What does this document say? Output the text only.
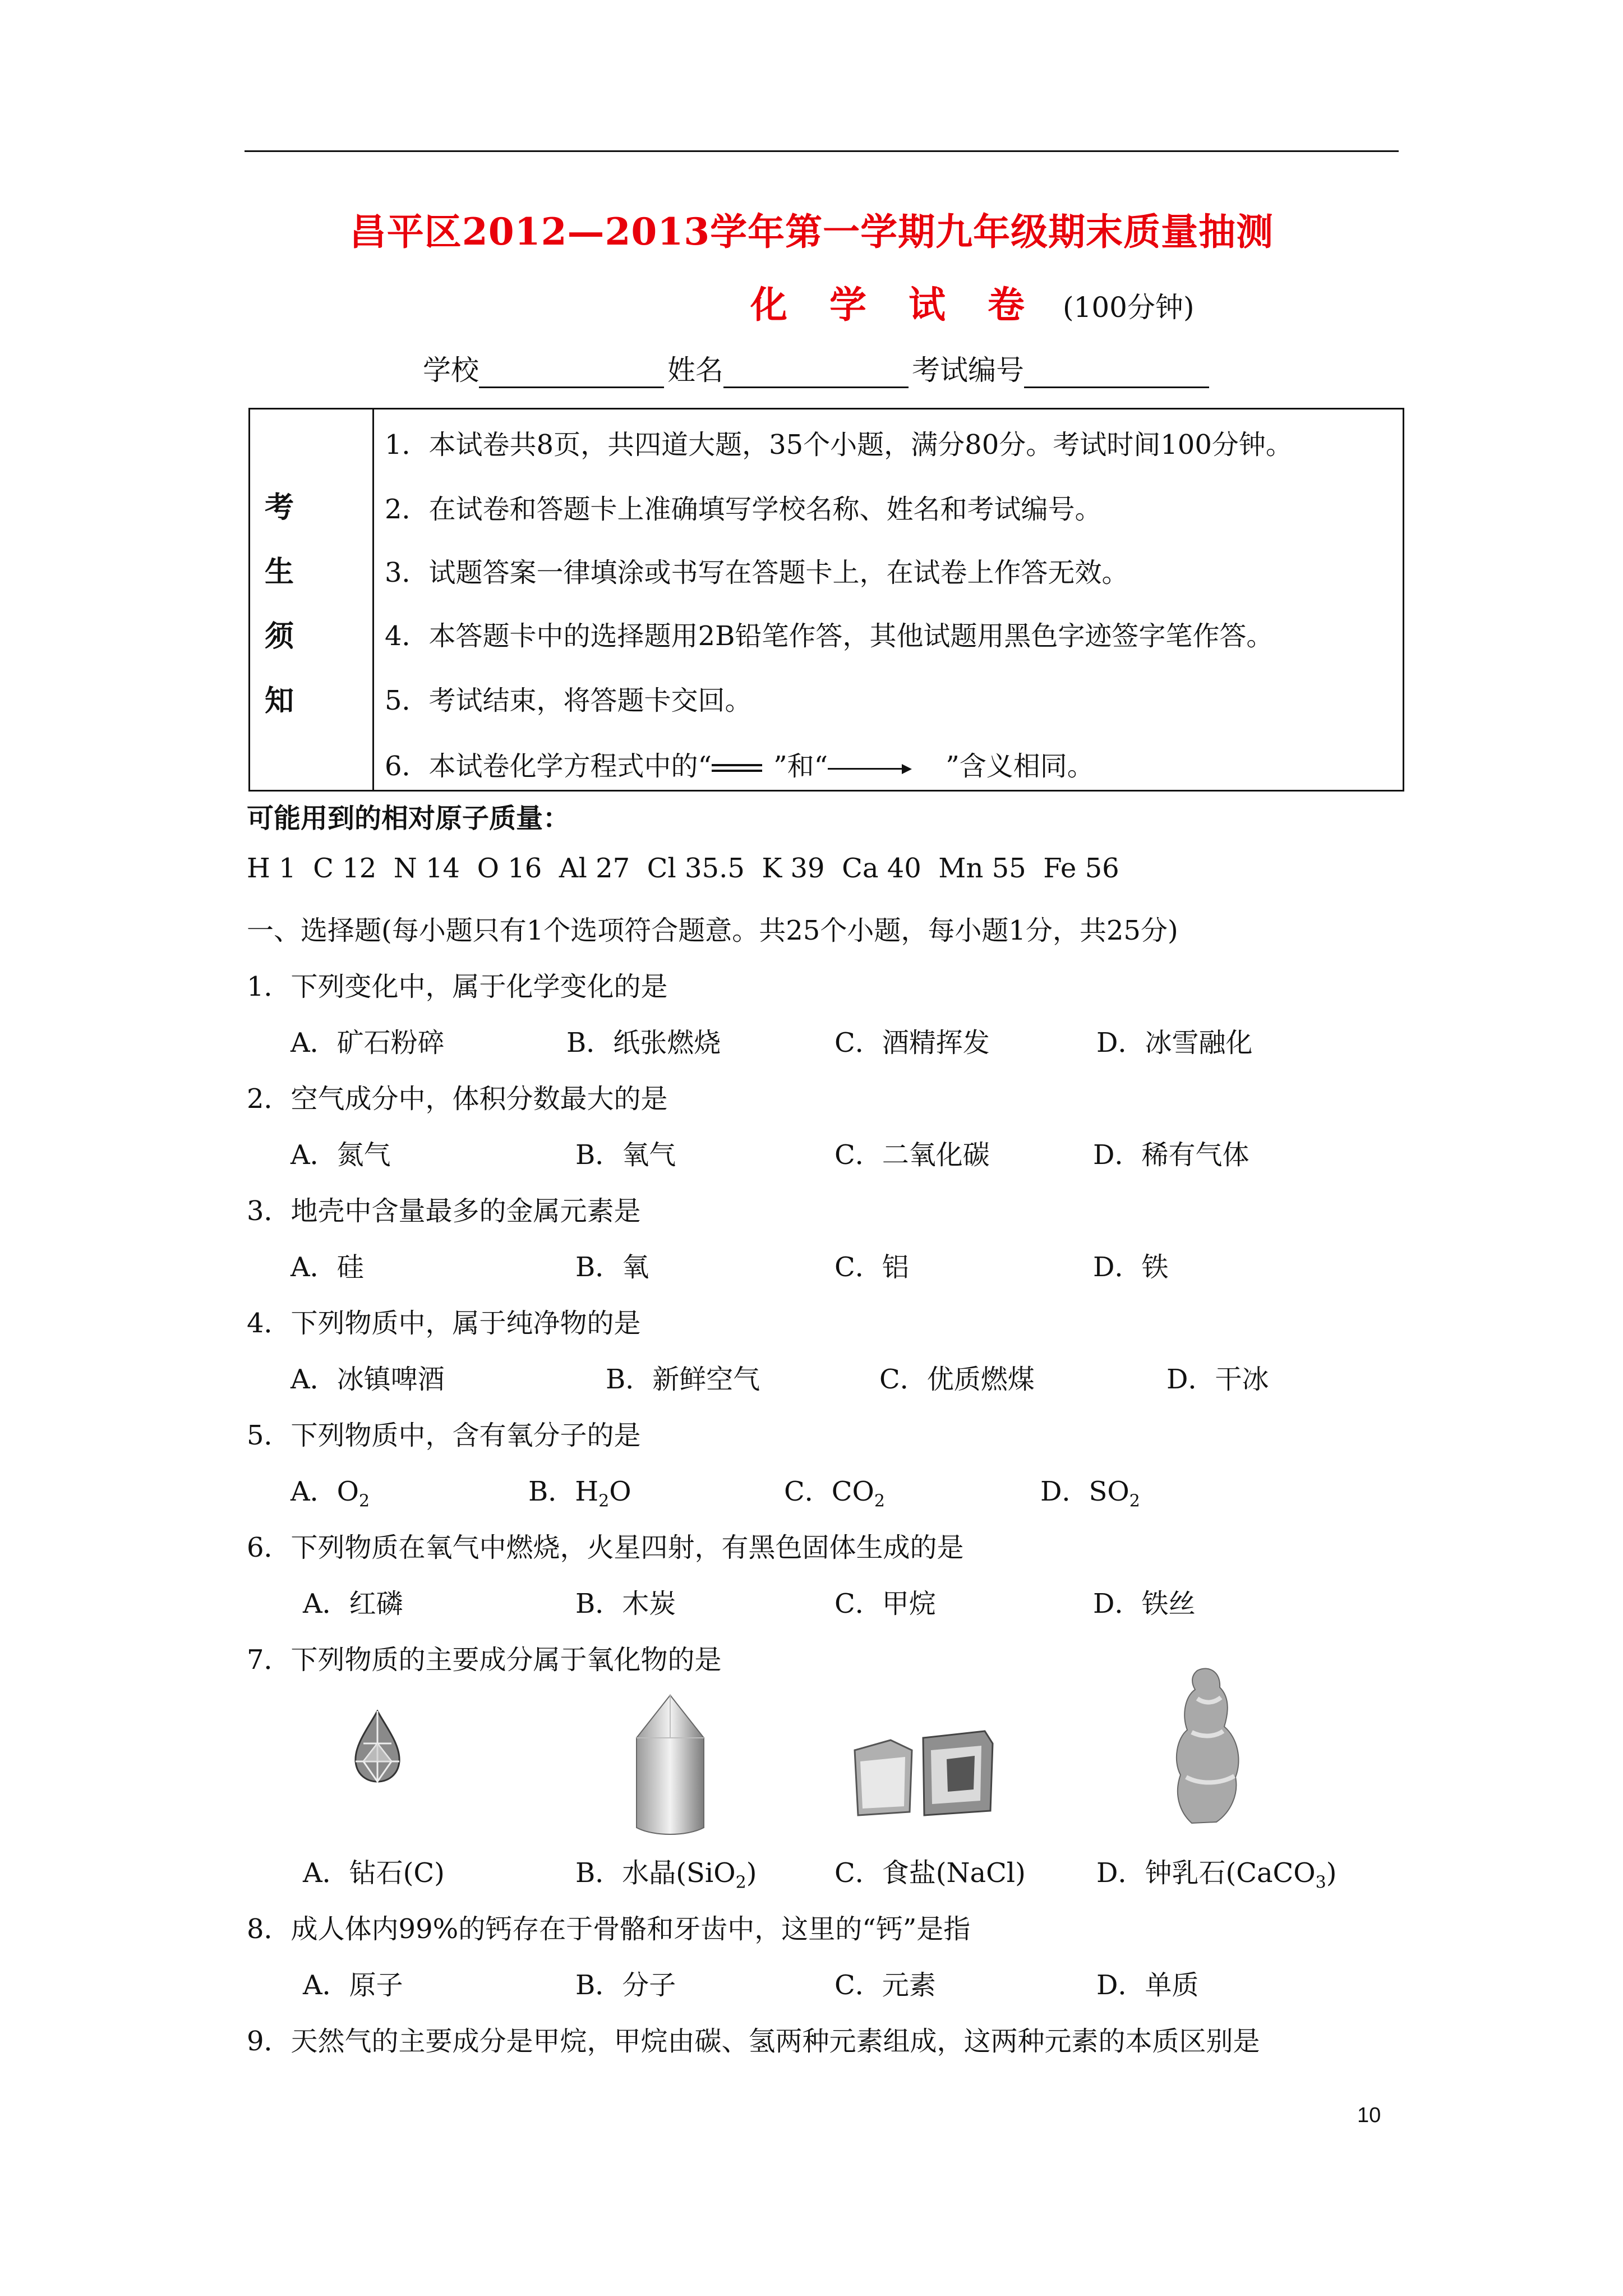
昌平区2012—2013学年第一学期九年级期末质量抽测
化 学 试 卷 (100分钟)
学校	姓名	考试编号
考
生
须
知
1．本试卷共8页，共四道大题，35个小题，满分80分。考试时间100分钟。
2．在试卷和答题卡上准确填写学校名称、姓名和考试编号。
3．试题答案一律填涂或书写在答题卡上，在试卷上作答无效。
4．本答题卡中的选择题用2B铅笔作答，其他试题用黑色字迹签字笔作答。
5．考试结束，将答题卡交回。
6．本试卷化学方程式中的“ ”和“	”含义相同。
可能用到的相对原子质量：
H 1  C 12  N 14  O 16  Al 27  Cl 35.5  K 39  Ca 40  Mn 55  Fe 56
一、选择题(每小题只有1个选项符合题意。共25个小题，每小题1分，共25分)
1．下列变化中，属于化学变化的是
A．矿石粉碎	B．纸张燃烧	C．酒精挥发	D．冰雪融化
2．空气成分中，体积分数最大的是
A．氮气	B．氧气	C．二氧化碳	D．稀有气体
3．地壳中含量最多的金属元素是
A．硅	B．氧	C．铝	D．铁
4．下列物质中，属于纯净物的是
A．冰镇啤酒	B．新鲜空气	C．优质燃煤	D．干冰
5．下列物质中，含有氧分子的是
A．$O_2$	B．$H_2O$	C．$CO_2$	D．$SO_2$
6．下列物质在氧气中燃烧，火星四射，有黑色固体生成的是
A．红磷	B．木炭	C．甲烷	D．铁丝
7．下列物质的主要成分属于氧化物的是
A．钻石(C)	B．水晶(SiO$_2$)	C．食盐(NaCl)	D．钟乳石(CaCO$_3$)
8．成人体内99%的钙存在于骨骼和牙齿中，这里的“钙”是指
A．原子	B．分子	C．元素	D．单质
9．天然气的主要成分是甲烷，甲烷由碳、氢两种元素组成，这两种元素的本质区别是
10
